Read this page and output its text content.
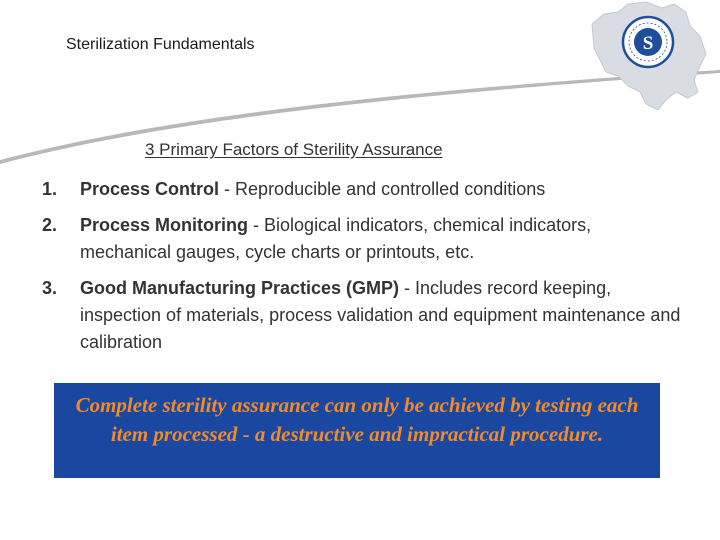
Sterilization Fundamentals	S
3 Primary Factors of Sterility Assurance
1. Process Control - Reproducible and controlled conditions
2. Process Monitoring - Biological indicators, chemical indicators, mechanical gauges, cycle charts or printouts, etc.
3. Good Manufacturing Practices (GMP) - Includes record keeping, inspection of materials, process validation and equipment maintenance and calibration
Complete sterility assurance can only be achieved by testing each item processed - a destructive and impractical procedure.
